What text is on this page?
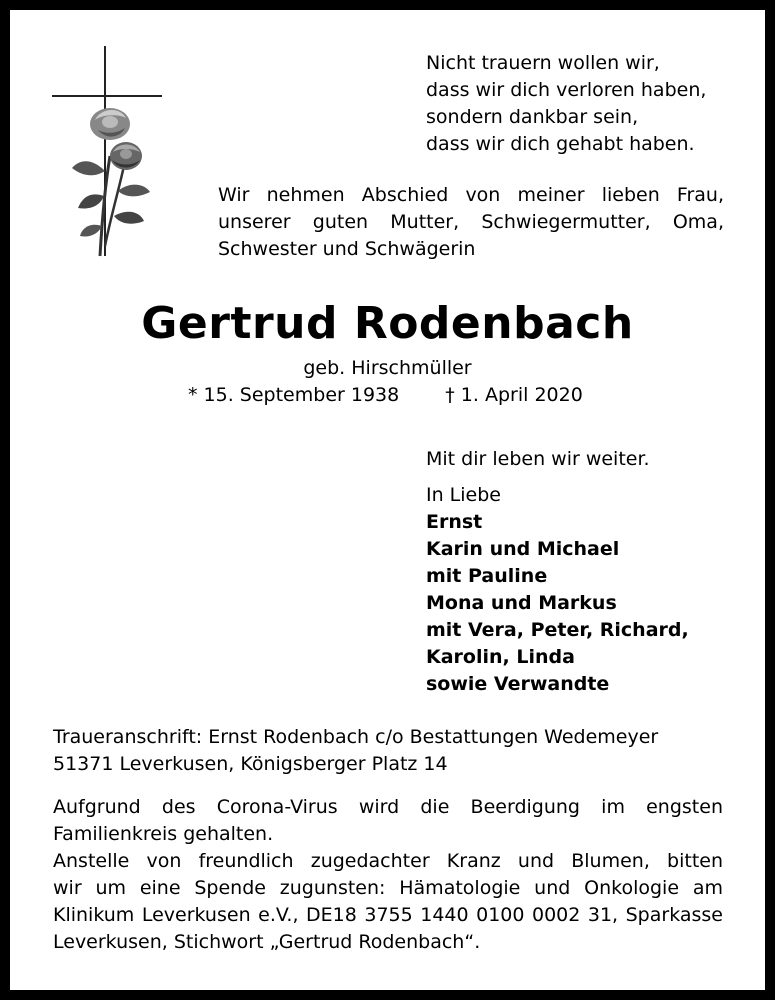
Nicht trauern wollen wir,
dass wir dich verloren haben,
sondern dankbar sein,
dass wir dich gehabt haben.
Wir nehmen Abschied von meiner lieben Frau,
unserer guten Mutter, Schwiegermutter, Oma,
Schwester und Schwägerin
Gertrud Rodenbach
geb. Hirschmüller
* 15. September 1938 † 1. April 2020
Mit dir leben wir weiter.
In Liebe
Ernst
Karin und Michael
mit Pauline
Mona und Markus
mit Vera, Peter, Richard,
Karolin, Linda
sowie Verwandte
Traueranschrift: Ernst Rodenbach c/o Bestattungen Wedemeyer
51371 Leverkusen, Königsberger Platz 14
Aufgrund des Corona-Virus wird die Beerdigung im engsten
Familienkreis gehalten.
Anstelle von freundlich zugedachter Kranz und Blumen, bitten
wir um eine Spende zugunsten: Hämatologie und Onkologie am
Klinikum Leverkusen e.V., DE18 3755 1440 0100 0002 31, Sparkasse
Leverkusen, Stichwort „Gertrud Rodenbach“.
